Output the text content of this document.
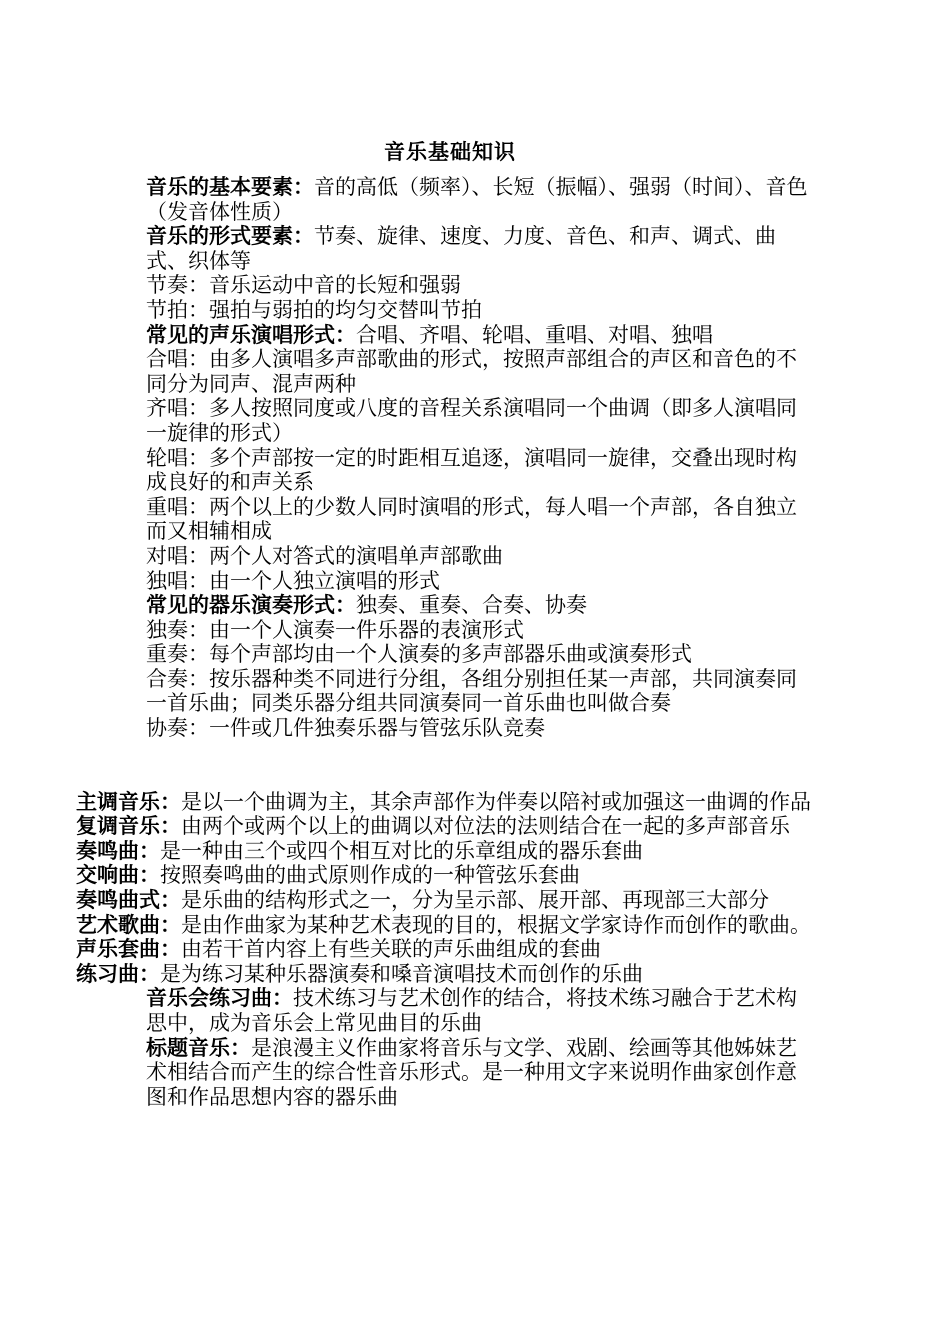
音乐基础知识

音乐的基本要素：音的高低（频率）、长短（振幅）、强弱（时间）、音色（发音体性质）

音乐的形式要素：节奏、旋律、速度、力度、音色、和声、调式、曲式、织体等

节奏：音乐运动中音的长短和强弱

节拍：强拍与弱拍的均匀交替叫节拍

常见的声乐演唱形式：合唱、齐唱、轮唱、重唱、对唱、独唱

合唱：由多人演唱多声部歌曲的形式，按照声部组合的声区和音色的不同分为同声、混声两种

齐唱：多人按照同度或八度的音程关系演唱同一个曲调（即多人演唱同一旋律的形式）

轮唱：多个声部按一定的时距相互追逐，演唱同一旋律，交叠出现时构成良好的和声关系

重唱：两个以上的少数人同时演唱的形式，每人唱一个声部，各自独立而又相辅相成

对唱：两个人对答式的演唱单声部歌曲

独唱：由一个人独立演唱的形式

常见的器乐演奏形式：独奏、重奏、合奏、协奏

独奏：由一个人演奏一件乐器的表演形式

重奏：每个声部均由一个人演奏的多声部器乐曲或演奏形式

合奏：按乐器种类不同进行分组，各组分别担任某一声部，共同演奏同一首乐曲；同类乐器分组共同演奏同一首乐曲也叫做合奏

协奏：一件或几件独奏乐器与管弦乐队竞奏

主调音乐：是以一个曲调为主，其余声部作为伴奏以陪衬或加强这一曲调的作品

复调音乐：由两个或两个以上的曲调以对位法的法则结合在一起的多声部音乐

奏鸣曲：是一种由三个或四个相互对比的乐章组成的器乐套曲

交响曲：按照奏鸣曲的曲式原则作成的一种管弦乐套曲

奏鸣曲式：是乐曲的结构形式之一，分为呈示部、展开部、再现部三大部分

艺术歌曲：是由作曲家为某种艺术表现的目的，根据文学家诗作而创作的歌曲。

声乐套曲：由若干首内容上有些关联的声乐曲组成的套曲

练习曲：是为练习某种乐器演奏和嗓音演唱技术而创作的乐曲

音乐会练习曲：技术练习与艺术创作的结合，将技术练习融合于艺术构思中，成为音乐会上常见曲目的乐曲

标题音乐：是浪漫主义作曲家将音乐与文学、戏剧、绘画等其他姊妹艺术相结合而产生的综合性音乐形式。是一种用文字来说明作曲家创作意图和作品思想内容的器乐曲
